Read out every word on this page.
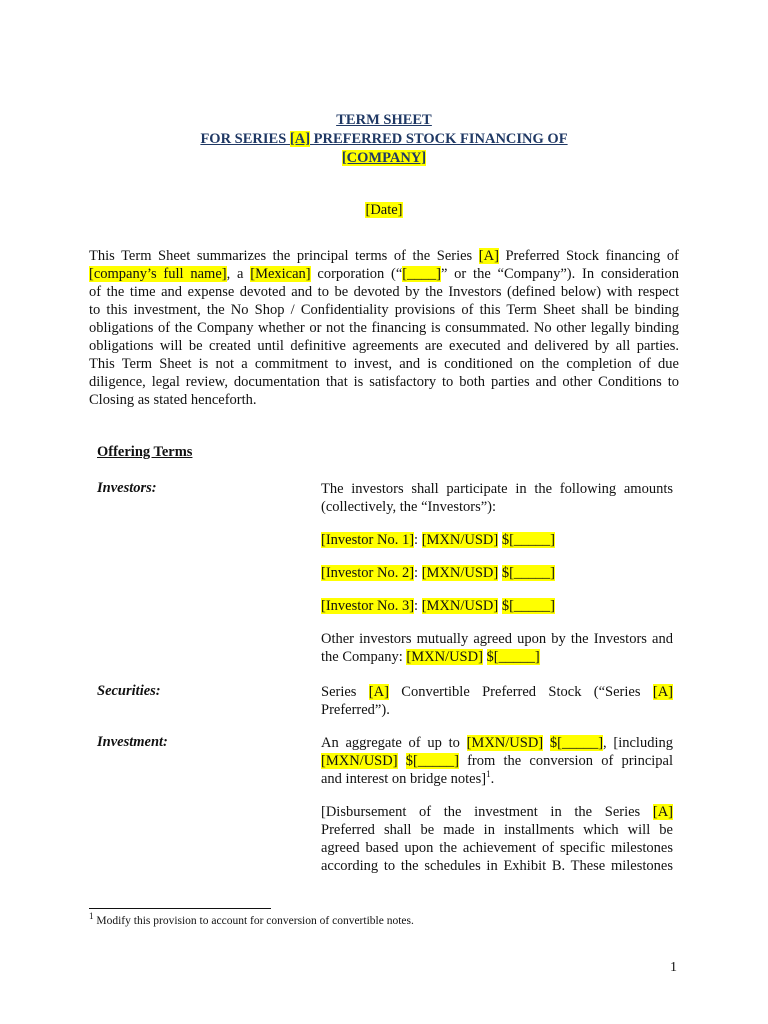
TERM SHEET
FOR SERIES [A] PREFERRED STOCK FINANCING OF
[COMPANY]
[Date]
This Term Sheet summarizes the principal terms of the Series [A] Preferred Stock financing of
[company’s full name], a [Mexican] corporation (“[____]” or the “Company”). In consideration
of the time and expense devoted and to be devoted by the Investors (defined below) with respect
to this investment, the No Shop / Confidentiality provisions of this Term Sheet shall be binding
obligations of the Company whether or not the financing is consummated. No other legally binding
obligations will be created until definitive agreements are executed and delivered by all parties.
This Term Sheet is not a commitment to invest, and is conditioned on the completion of due
diligence, legal review, documentation that is satisfactory to both parties and other Conditions to
Closing as stated henceforth.
Offering Terms
Investors:	The investors shall participate in the following amounts
(collectively, the “Investors”):
[Investor No. 1]: [MXN/USD] $[_____]
[Investor No. 2]: [MXN/USD] $[_____]
[Investor No. 3]: [MXN/USD] $[_____]
Other investors mutually agreed upon by the Investors and
the Company: [MXN/USD] $[_____]
Securities:	Series [A] Convertible Preferred Stock (“Series [A]
Preferred”).
Investment:	An aggregate of up to [MXN/USD] $[_____], [including
[MXN/USD] $[_____] from the conversion of principal
and interest on bridge notes]$^1$.
[Disbursement of the investment in the Series [A]
Preferred shall be made in installments which will be
agreed based upon the achievement of specific milestones
according to the schedules in Exhibit B. These milestones
$^1$ Modify this provision to account for conversion of convertible notes.
1
